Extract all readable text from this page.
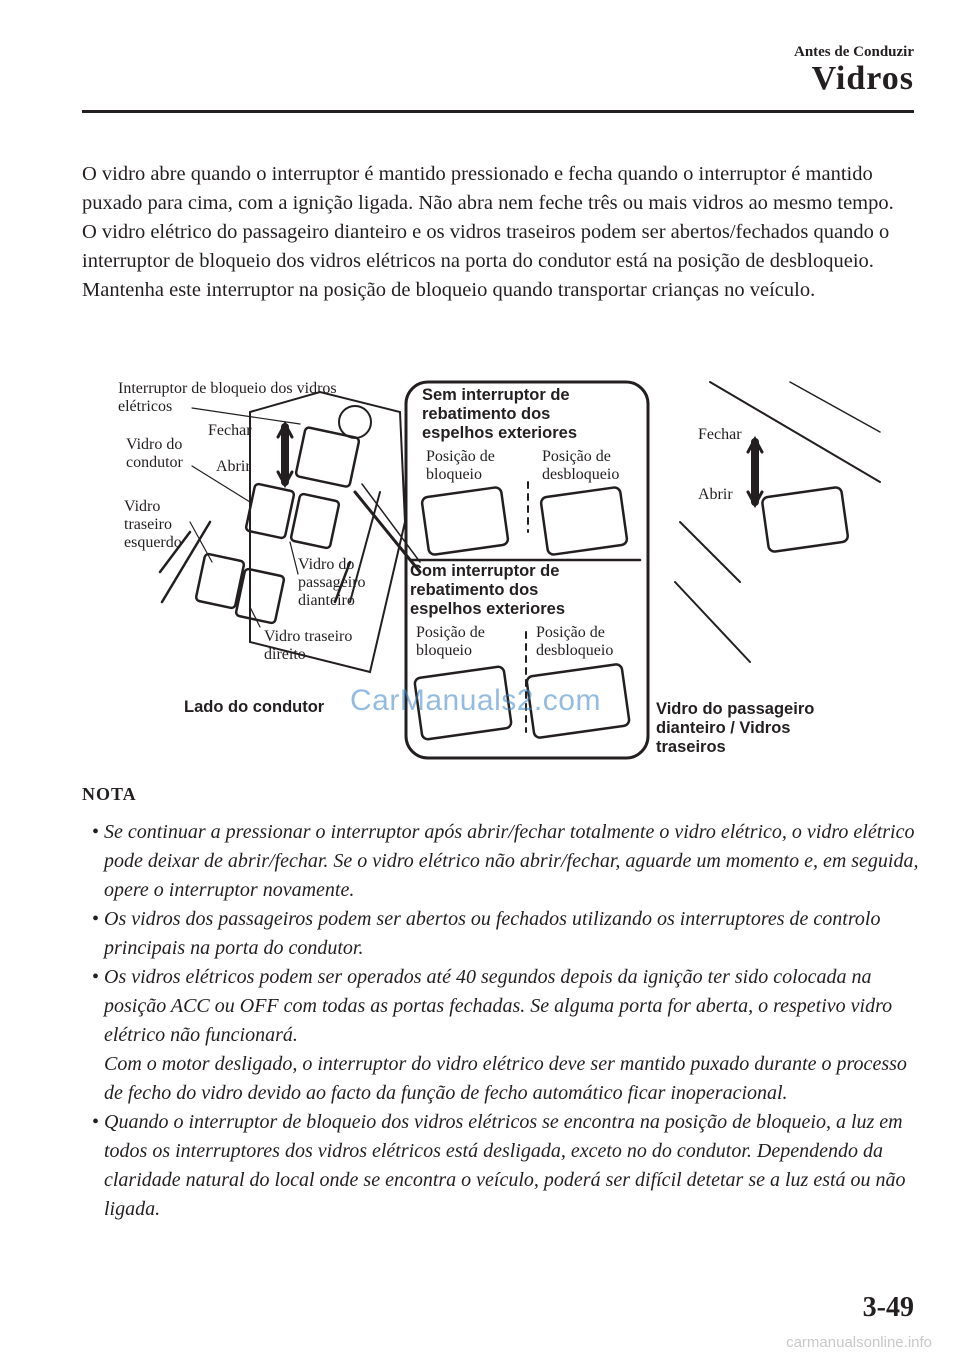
Antes de Conduzir
Vidros

O vidro abre quando o interruptor é mantido pressionado e fecha quando o interruptor é mantido puxado para cima, com a ignição ligada. Não abra nem feche três ou mais vidros ao mesmo tempo.

O vidro elétrico do passageiro dianteiro e os vidros traseiros podem ser abertos/fechados quando o interruptor de bloqueio dos vidros elétricos na porta do condutor está na posição de desbloqueio. Mantenha este interruptor na posição de bloqueio quando transportar crianças no veículo.

Interruptor de bloqueio dos vidros
elétricos
Fechar
Vidro do
condutor Abrir
Vidro
traseiro
esquerdo
Vidro do
passageiro
dianteiro
Vidro traseiro
direito
Lado do condutor
Sem interruptor de
rebatimento dos
espelhos exteriores
Posição de
bloqueio
Posição de
desbloqueio
Com interruptor de
rebatimento dos
espelhos exteriores
Posição de
bloqueio
Posição de
desbloqueio
Fechar
Abrir
Vidro do passageiro
dianteiro / Vidros
traseiros
CarManuals2.com
NOTA
• Se continuar a pressionar o interruptor após abrir/fechar totalmente o vidro elétrico, o vidro elétrico pode deixar de abrir/fechar. Se o vidro elétrico não abrir/fechar, aguarde um momento e, em seguida, opere o interruptor novamente.
• Os vidros dos passageiros podem ser abertos ou fechados utilizando os interruptores de controlo principais na porta do condutor.
• Os vidros elétricos podem ser operados até 40 segundos depois da ignição ter sido colocada na posição ACC ou OFF com todas as portas fechadas. Se alguma porta for aberta, o respetivo vidro elétrico não funcionará.
Com o motor desligado, o interruptor do vidro elétrico deve ser mantido puxado durante o processo de fecho do vidro devido ao facto da função de fecho automático ficar inoperacional.
• Quando o interruptor de bloqueio dos vidros elétricos se encontra na posição de bloqueio, a luz em todos os interruptores dos vidros elétricos está desligada, exceto no do condutor. Dependendo da claridade natural do local onde se encontra o veículo, poderá ser difícil detetar se a luz está ou não ligada.
3-49
carmanualsonline.info
